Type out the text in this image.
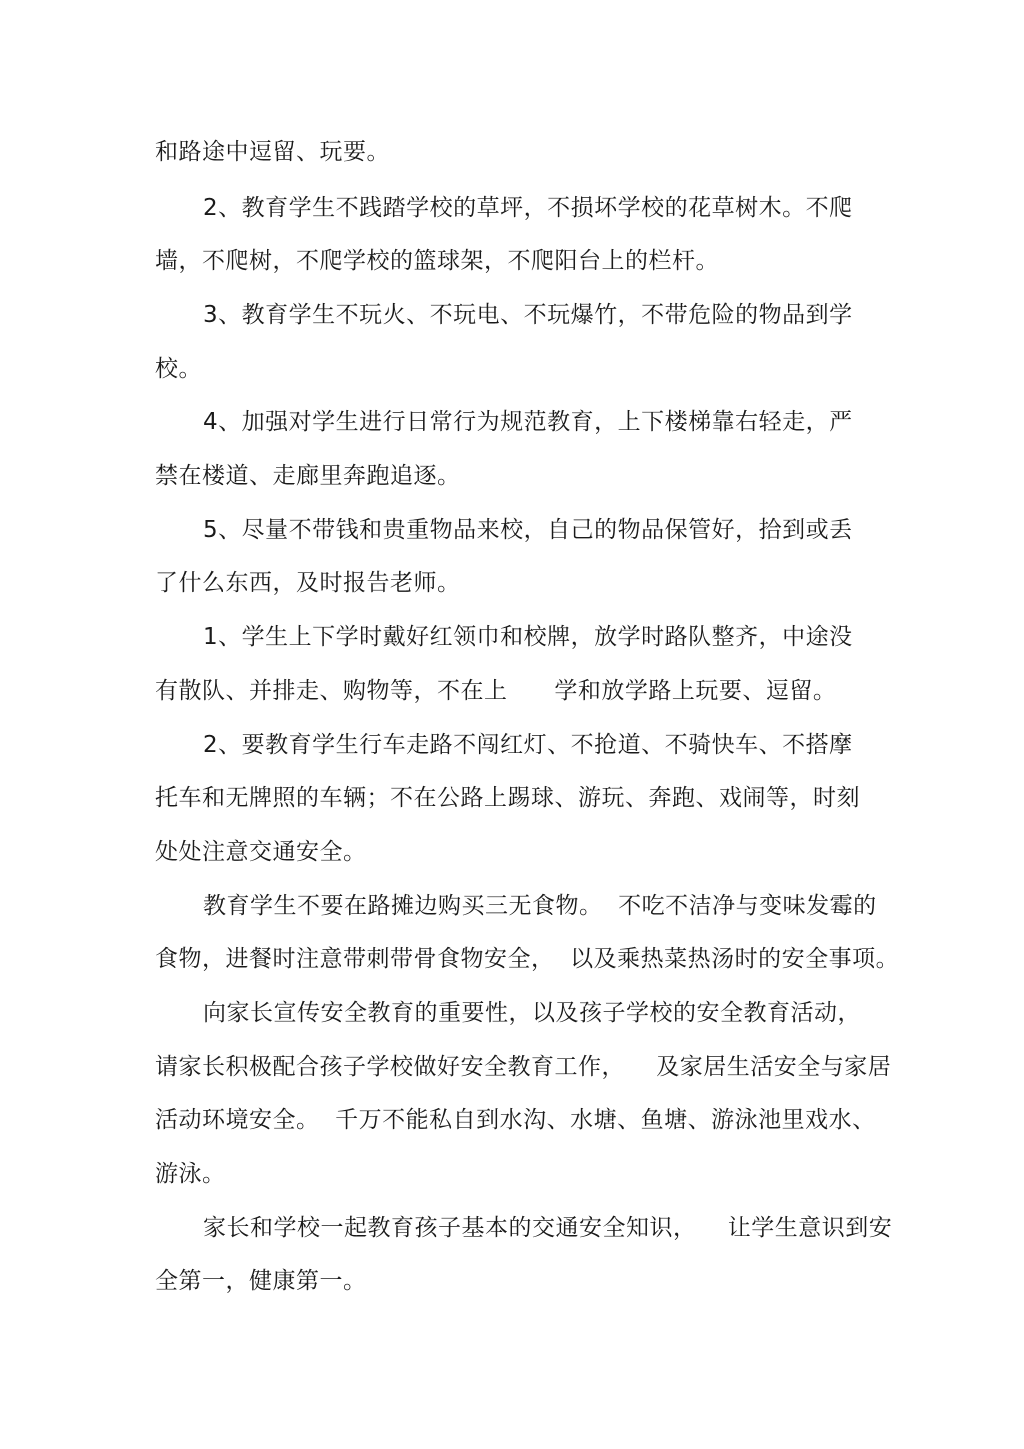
和路途中逗留、玩要。
2、教育学生不践踏学校的草坪，不损坏学校的花草树木。不爬
墙，不爬树，不爬学校的篮球架，不爬阳台上的栏杆。
3、教育学生不玩火、不玩电、不玩爆竹，不带危险的物品到学
校。
4、加强对学生进行日常行为规范教育，上下楼梯靠右轻走，严
禁在楼道、走廊里奔跑追逐。
5、尽量不带钱和贵重物品来校，自己的物品保管好，拾到或丢
了什么东西，及时报告老师。
1、学生上下学时戴好红领巾和校牌，放学时路队整齐，中途没
有散队、并排走、购物等，不在上      学和放学路上玩要、逗留。
2、要教育学生行车走路不闯红灯、不抢道、不骑快车、不搭摩
托车和无牌照的车辆；不在公路上踢球、游玩、奔跑、戏闹等，时刻
处处注意交通安全。
教育学生不要在路摊边购买三无食物。  不吃不洁净与变味发霉的
食物，进餐时注意带刺带骨食物安全，  以及乘热菜热汤时的安全事项。
向家长宣传安全教育的重要性，以及孩子学校的安全教育活动，
请家长积极配合孩子学校做好安全教育工作，    及家居生活安全与家居
活动环境安全。  千万不能私自到水沟、水塘、鱼塘、游泳池里戏水、
游泳。
家长和学校一起教育孩子基本的交通安全知识，    让学生意识到安
全第一，健康第一。
